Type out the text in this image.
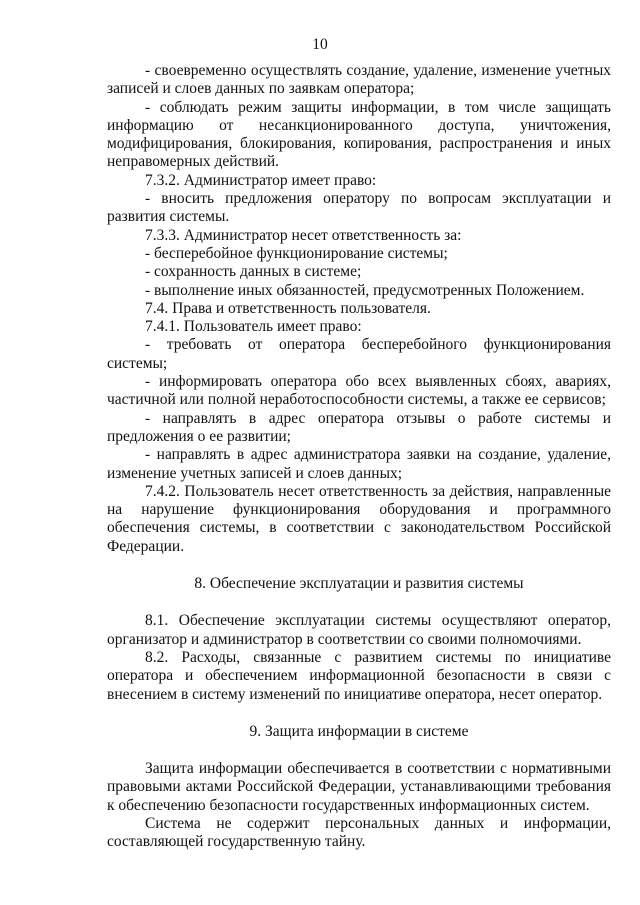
10

- своевременно осуществлять создание, удаление, изменение учетных записей и слоев данных по заявкам оператора;

- соблюдать режим защиты информации, в том числе защищать информацию от несанкционированного доступа, уничтожения, модифицирования, блокирования, копирования, распространения и иных неправомерных действий.

7.3.2. Администратор имеет право:

- вносить предложения оператору по вопросам эксплуатации и развития системы.

7.3.3. Администратор несет ответственность за:

- бесперебойное функционирование системы;

- сохранность данных в системе;

- выполнение иных обязанностей, предусмотренных Положением.

7.4. Права и ответственность пользователя.

7.4.1. Пользователь имеет право:

- требовать от оператора бесперебойного функционирования системы;

- информировать оператора обо всех выявленных сбоях, авариях, частичной или полной неработоспособности системы, а также ее сервисов;

- направлять в адрес оператора отзывы о работе системы и предложения о ее развитии;

- направлять в адрес администратора заявки на создание, удаление, изменение учетных записей и слоев данных;

7.4.2. Пользователь несет ответственность за действия, направленные на нарушение функционирования оборудования и программного обеспечения системы, в соответствии с законодательством Российской Федерации.

8. Обеспечение эксплуатации и развития системы

8.1. Обеспечение эксплуатации системы осуществляют оператор, организатор и администратор в соответствии со своими полномочиями.

8.2. Расходы, связанные с развитием системы по инициативе оператора и обеспечением информационной безопасности в связи с внесением в систему изменений по инициативе оператора, несет оператор.

9. Защита информации в системе

Защита информации обеспечивается в соответствии с нормативными правовыми актами Российской Федерации, устанавливающими требования к обеспечению безопасности государственных информационных систем.

Система не содержит персональных данных и информации, составляющей государственную тайну.
